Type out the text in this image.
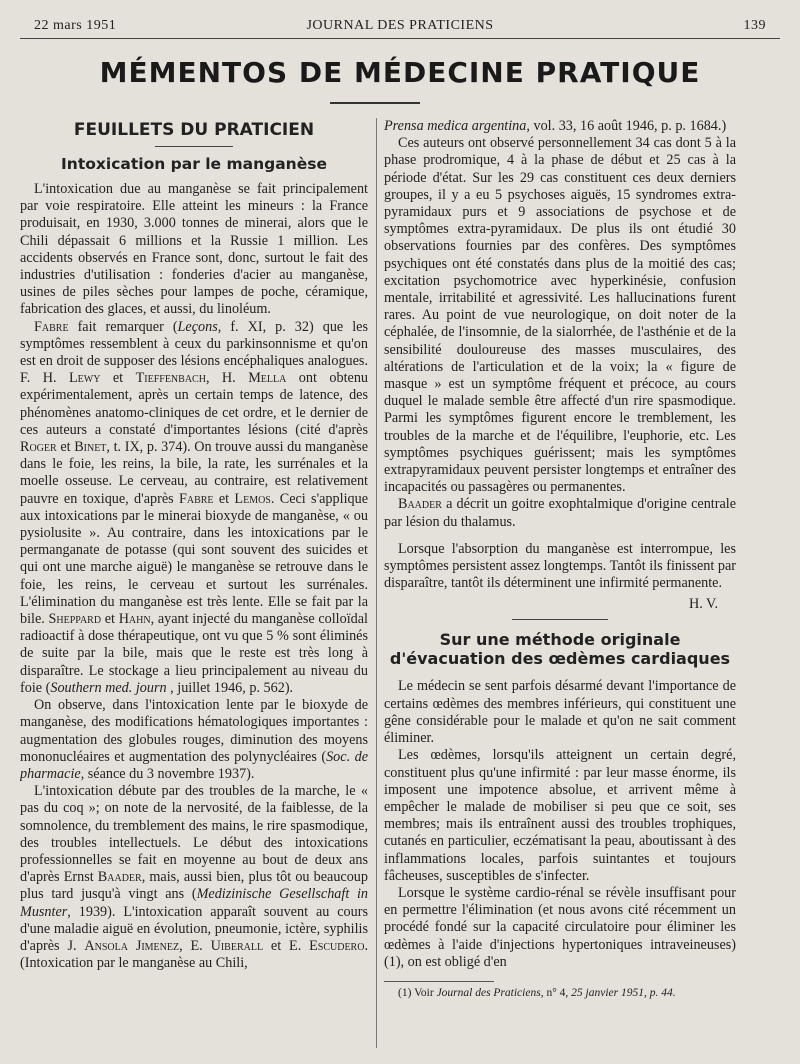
22 mars 1951	JOURNAL DES PRATICIENS	139
MÉMENTOS DE MÉDECINE PRATIQUE
FEUILLETS DU PRATICIEN
Intoxication par le manganèse

L'intoxication due au manganèse se fait principalement par voie respiratoire. Elle atteint les mineurs : la France produisait, en 1930, 3.000 tonnes de minerai, alors que le Chili dépassait 6 millions et la Russie 1 million. Les accidents observés en France sont, donc, surtout le fait des industries d'utilisation : fonderies d'acier au manganèse, usines de piles sèches pour lampes de poche, céramique, fabrication des glaces, et aussi, du linoléum.

Fabre fait remarquer (Leçons, f. XI, p. 32) que les symptômes ressemblent à ceux du parkinsonnisme et qu'on est en droit de supposer des lésions encéphaliques analogues. F. H. Lewy et Tieffenbach, H. Mella ont obtenu expérimentalement, après un certain temps de latence, des phénomènes anatomo-cliniques de cet ordre, et le dernier de ces auteurs a constaté d'importantes lésions (cité d'après Roger et Binet, t. IX, p. 374). On trouve aussi du manganèse dans le foie, les reins, la bile, la rate, les surrénales et la moelle osseuse. Le cerveau, au contraire, est relativement pauvre en toxique, d'après Fabre et Lemos. Ceci s'applique aux intoxications par le minerai bioxyde de manganèse, « ou pysiolusite ». Au contraire, dans les intoxications par le permanganate de potasse (qui sont souvent des suicides et qui ont une marche aiguë) le manganèse se retrouve dans le foie, les reins, le cerveau et surtout les surrénales. L'élimination du manganèse est très lente. Elle se fait par la bile. Sheppard et Hahn, ayant injecté du manganèse colloïdal radioactif à dose thérapeutique, ont vu que 5 % sont éliminés de suite par la bile, mais que le reste est très long à disparaître. Le stockage a lieu principalement au niveau du foie (Southern med. journ , juillet 1946, p. 562).

On observe, dans l'intoxication lente par le bioxyde de manganèse, des modifications hématologiques importantes : augmentation des globules rouges, diminution des moyens mononucléaires et augmentation des polynycléaires (Soc. de pharmacie, séance du 3 novembre 1937).

L'intoxication débute par des troubles de la marche, le « pas du coq »; on note de la nervosité, de la faiblesse, de la somnolence, du tremblement des mains, le rire spasmodique, des troubles intellectuels. Le début des intoxications professionnelles se fait en moyenne au bout de deux ans d'après Ernst Baader, mais, aussi bien, plus tôt ou beaucoup plus tard jusqu'à vingt ans (Medizinische Gesellschaft in Musnter, 1939). L'intoxication apparaît souvent au cours d'une maladie aiguë en évolution, pneumonie, ictère, syphilis d'après J. Ansola Jimenez, E. Uiberall et E. Escudero. (Intoxication par le manganèse au Chili,

Prensa medica argentina, vol. 33, 16 août 1946, p. p. 1684.)

Ces auteurs ont observé personnellement 34 cas dont 5 à la phase prodromique, 4 à la phase de début et 25 cas à la période d'état. Sur les 29 cas constituent ces deux derniers groupes, il y a eu 5 psychoses aiguës, 15 syndromes extra-pyramidaux purs et 9 associations de psychose et de symptômes extra-pyramidaux. De plus ils ont étudié 30 observations fournies par des confères. Des symptômes psychiques ont été constatés dans plus de la moitié des cas; excitation psychomotrice avec hyperkinésie, confusion mentale, irritabilité et agressivité. Les hallucinations furent rares. Au point de vue neurologique, on doit noter de la céphalée, de l'insomnie, de la sialorrhée, de l'asthénie et de la sensibilité douloureuse des masses musculaires, des altérations de l'articulation et de la voix; la « figure de masque » est un symptôme fréquent et précoce, au cours duquel le malade semble être affecté d'un rire spasmodique. Parmi les symptômes figurent encore le tremblement, les troubles de la marche et de l'équilibre, l'euphorie, etc. Les symptômes psychiques guérissent; mais les symptômes extrapyramidaux peuvent persister longtemps et entraîner des incapacités ou passagères ou permanentes.

Baader a décrit un goitre exophtalmique d'origine centrale par lésion du thalamus.

Lorsque l'absorption du manganèse est interrompue, les symptômes persistent assez longtemps. Tantôt ils finissent par disparaître, tantôt ils déterminent une infirmité permanente.

H. V.
Sur une méthode originale d'évacuation des œdèmes cardiaques

Le médecin se sent parfois désarmé devant l'importance de certains œdèmes des membres inférieurs, qui constituent une gêne considérable pour le malade et qu'on ne sait comment éliminer.

Les œdèmes, lorsqu'ils atteignent un certain degré, constituent plus qu'une infirmité : par leur masse énorme, ils imposent une impotence absolue, et arrivent même à empêcher le malade de mobiliser si peu que ce soit, ses membres; mais ils entraînent aussi des troubles trophiques, cutanés en particulier, eczématisant la peau, aboutissant à des inflammations locales, parfois suintantes et toujours fâcheuses, susceptibles de s'infecter.

Lorsque le système cardio-rénal se révèle insuffisant pour en permettre l'élimination (et nous avons cité récemment un procédé fondé sur la capacité circulatoire pour éliminer les œdèmes à l'aide d'injections hypertoniques intraveineuses) (1), on est obligé d'en

(1) Voir Journal des Praticiens, n° 4, 25 janvier 1951, p. 44.
